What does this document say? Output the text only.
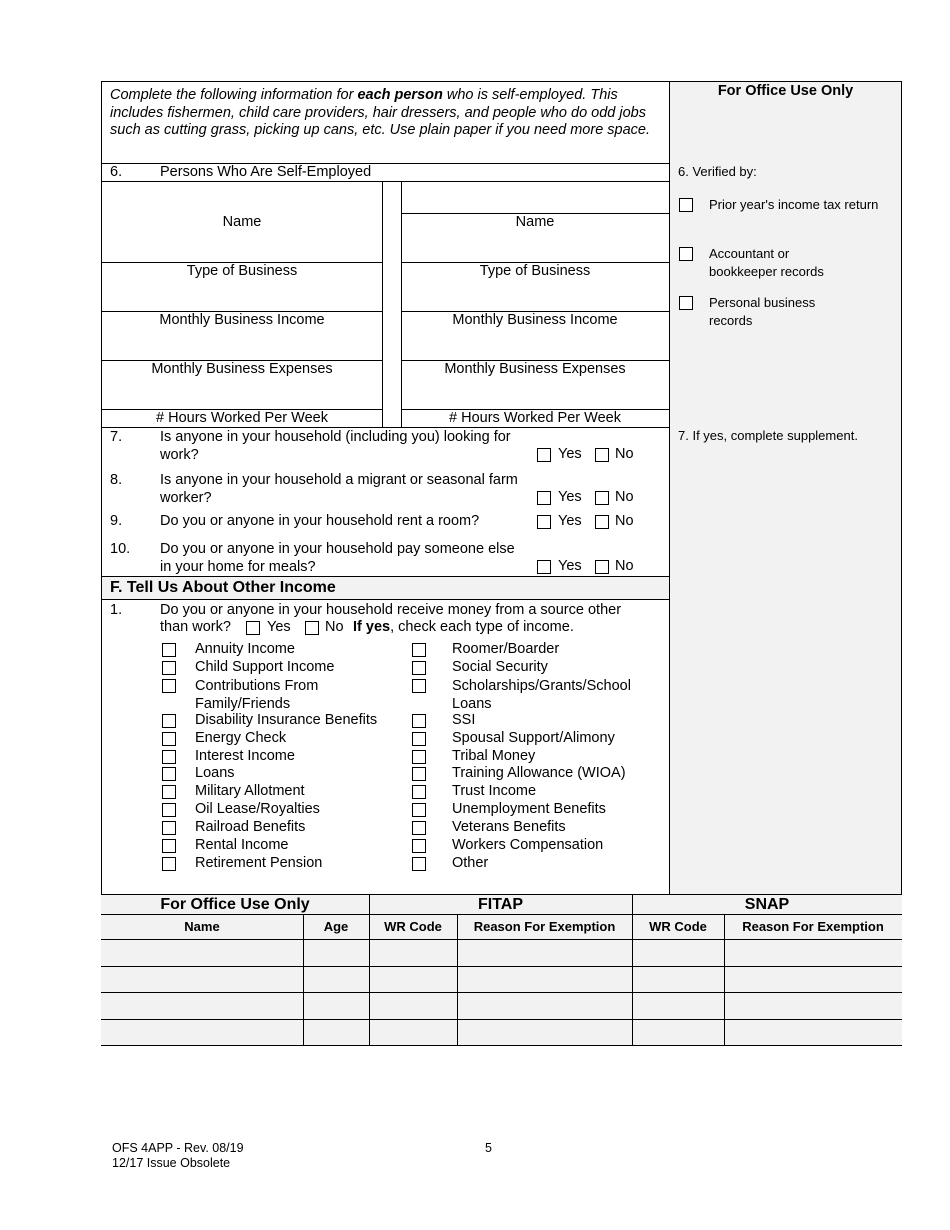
Complete the following information for each person who is self-employed. This includes fishermen, child care providers, hair dressers, and people who do odd jobs such as cutting grass, picking up cans, etc. Use plain paper if you need more space.
6.	Persons Who Are Self-Employed
Name
Type of Business
Monthly Business Income
Monthly Business Expenses
# Hours Worked Per Week
Name
Type of Business
Monthly Business Income
Monthly Business Expenses
# Hours Worked Per Week
For Office Use Only
6. Verified by:
Prior year's income tax return
Accountant or bookkeeper records
Personal business records
7. If yes, complete supplement.
7.	Is anyone in your household (including you) looking for work?	Yes No
8.	Is anyone in your household a migrant or seasonal farm worker?	Yes No
9.	Do you or anyone in your household rent a room?	Yes No
10. Do you or anyone in your household pay someone else in your home for meals?	Yes No
F. Tell Us About Other Income
1.	Do you or anyone in your household receive money from a source other
than work? Yes No If yes, check each type of income.
Annuity Income
Child Support Income
Contributions From Family/Friends
Disability Insurance Benefits
Energy Check
Interest Income
Loans
Military Allotment
Oil Lease/Royalties
Railroad Benefits
Rental Income
Retirement Pension
Roomer/Boarder
Social Security
Scholarships/Grants/School Loans
SSI
Spousal Support/Alimony
Tribal Money
Training Allowance (WIOA)
Trust Income
Unemployment Benefits
Veterans Benefits
Workers Compensation
Other
For Office Use Only	FITAP	SNAP
Name	Age	WR Code	Reason For Exemption	WR Code	Reason For Exemption
OFS 4APP - Rev. 08/19
12/17 Issue Obsolete
5
